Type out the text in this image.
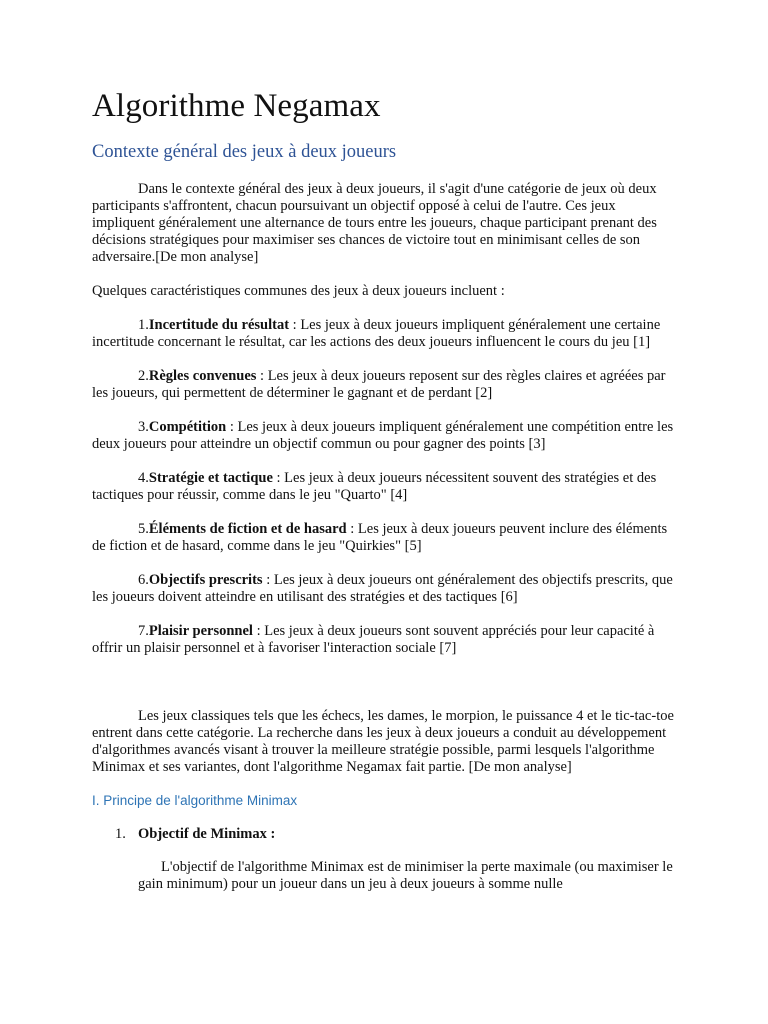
Algorithme Negamax
Contexte général des jeux à deux joueurs

Dans le contexte général des jeux à deux joueurs, il s'agit d'une catégorie de jeux où deux participants s'affrontent, chacun poursuivant un objectif opposé à celui de l'autre. Ces jeux impliquent généralement une alternance de tours entre les joueurs, chaque participant prenant des décisions stratégiques pour maximiser ses chances de victoire tout en minimisant celles de son adversaire.[De mon analyse]

Quelques caractéristiques communes des jeux à deux joueurs incluent :

1.Incertitude du résultat : Les jeux à deux joueurs impliquent généralement une certaine incertitude concernant le résultat, car les actions des deux joueurs influencent le cours du jeu [1]

2.Règles convenues : Les jeux à deux joueurs reposent sur des règles claires et agréées par les joueurs, qui permettent de déterminer le gagnant et de perdant [2]

3.Compétition : Les jeux à deux joueurs impliquent généralement une compétition entre les deux joueurs pour atteindre un objectif commun ou pour gagner des points [3]

4.Stratégie et tactique : Les jeux à deux joueurs nécessitent souvent des stratégies et des tactiques pour réussir, comme dans le jeu "Quarto" [4]

5.Éléments de fiction et de hasard : Les jeux à deux joueurs peuvent inclure des éléments de fiction et de hasard, comme dans le jeu "Quirkies" [5]

6.Objectifs prescrits : Les jeux à deux joueurs ont généralement des objectifs prescrits, que les joueurs doivent atteindre en utilisant des stratégies et des tactiques [6]

7.Plaisir personnel : Les jeux à deux joueurs sont souvent appréciés pour leur capacité à offrir un plaisir personnel et à favoriser l'interaction sociale [7]

Les jeux classiques tels que les échecs, les dames, le morpion, le puissance 4 et le tic-tac-toe entrent dans cette catégorie. La recherche dans les jeux à deux joueurs a conduit au développement d'algorithmes avancés visant à trouver la meilleure stratégie possible, parmi lesquels l'algorithme Minimax et ses variantes, dont l'algorithme Negamax fait partie. [De mon analyse]

I. Principe de l'algorithme Minimax

1. Objectif de Minimax :

L'objectif de l'algorithme Minimax est de minimiser la perte maximale (ou maximiser le gain minimum) pour un joueur dans un jeu à deux joueurs à somme nulle
